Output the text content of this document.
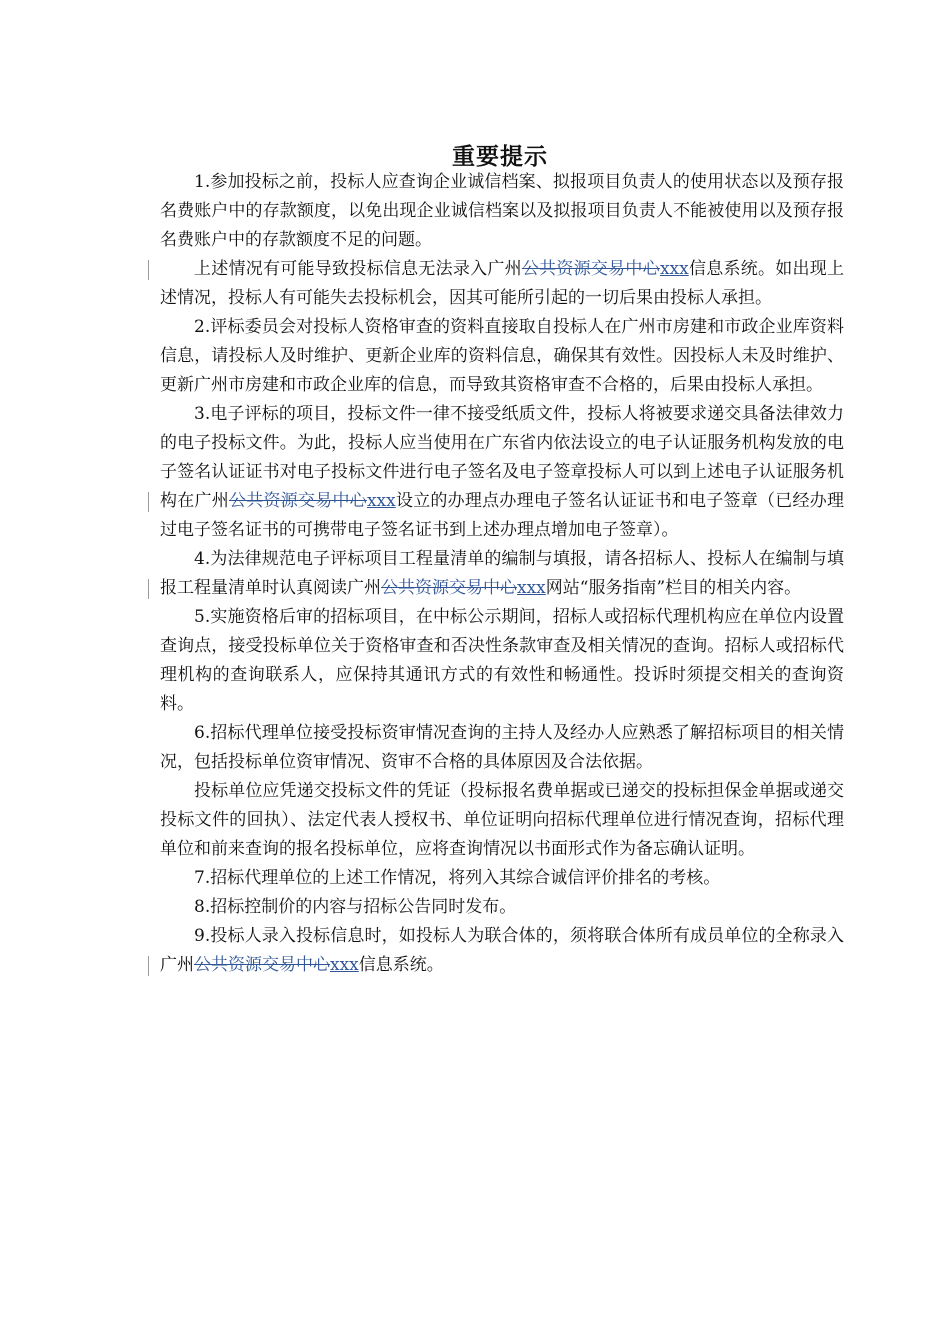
重要提示

1.参加投标之前，投标人应查询企业诚信档案、拟报项目负责人的使用状态以及预存报名费账户中的存款额度，以免出现企业诚信档案以及拟报项目负责人不能被使用以及预存报名费账户中的存款额度不足的问题。

上述情况有可能导致投标信息无法录入广州公共资源交易中心xxx信息系统。如出现上述情况，投标人有可能失去投标机会，因其可能所引起的一切后果由投标人承担。

2.评标委员会对投标人资格审查的资料直接取自投标人在广州市房建和市政企业库资料信息，请投标人及时维护、更新企业库的资料信息，确保其有效性。因投标人未及时维护、更新广州市房建和市政企业库的信息，而导致其资格审查不合格的，后果由投标人承担。

3.电子评标的项目，投标文件一律不接受纸质文件，投标人将被要求递交具备法律效力的电子投标文件。为此，投标人应当使用在广东省内依法设立的电子认证服务机构发放的电子签名认证证书对电子投标文件进行电子签名及电子签章投标人可以到上述电子认证服务机构在广州公共资源交易中心xxx设立的办理点办理电子签名认证证书和电子签章（已经办理过电子签名证书的可携带电子签名证书到上述办理点增加电子签章）。

4.为法律规范电子评标项目工程量清单的编制与填报，请各招标人、投标人在编制与填报工程量清单时认真阅读广州公共资源交易中心xxx网站“服务指南”栏目的相关内容。

5.实施资格后审的招标项目，在中标公示期间，招标人或招标代理机构应在单位内设置查询点，接受投标单位关于资格审查和否决性条款审查及相关情况的查询。招标人或招标代理机构的查询联系人，应保持其通讯方式的有效性和畅通性。投诉时须提交相关的查询资料。

6.招标代理单位接受投标资审情况查询的主持人及经办人应熟悉了解招标项目的相关情况，包括投标单位资审情况、资审不合格的具体原因及合法依据。

投标单位应凭递交投标文件的凭证（投标报名费单据或已递交的投标担保金单据或递交投标文件的回执）、法定代表人授权书、单位证明向招标代理单位进行情况查询，招标代理单位和前来查询的报名投标单位，应将查询情况以书面形式作为备忘确认证明。

7.招标代理单位的上述工作情况，将列入其综合诚信评价排名的考核。

8.招标控制价的内容与招标公告同时发布。

9.投标人录入投标信息时，如投标人为联合体的，须将联合体所有成员单位的全称录入广州公共资源交易中心xxx信息系统。
